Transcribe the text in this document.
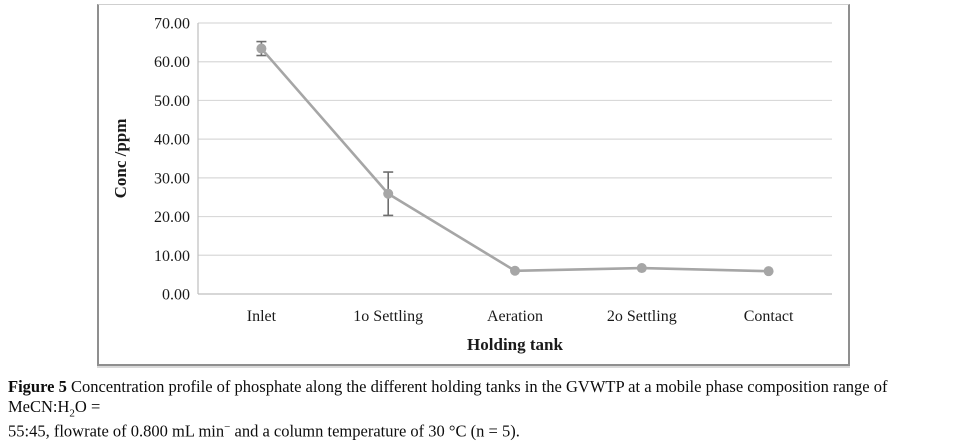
0.00
10.00
20.00
30.00
40.00
50.00
60.00
70.00
Inlet	1o Settling	Aeration	2o Settling	Contact
Holding tank
Conc /ppm

Figure 5 Concentration profile of phosphate along the different holding tanks in the GVWTP at a mobile phase composition range of $MeCN:H_2O$ =
55:45, flowrate of 0.800 mL min− and a column temperature of 30 °C (n = 5).
